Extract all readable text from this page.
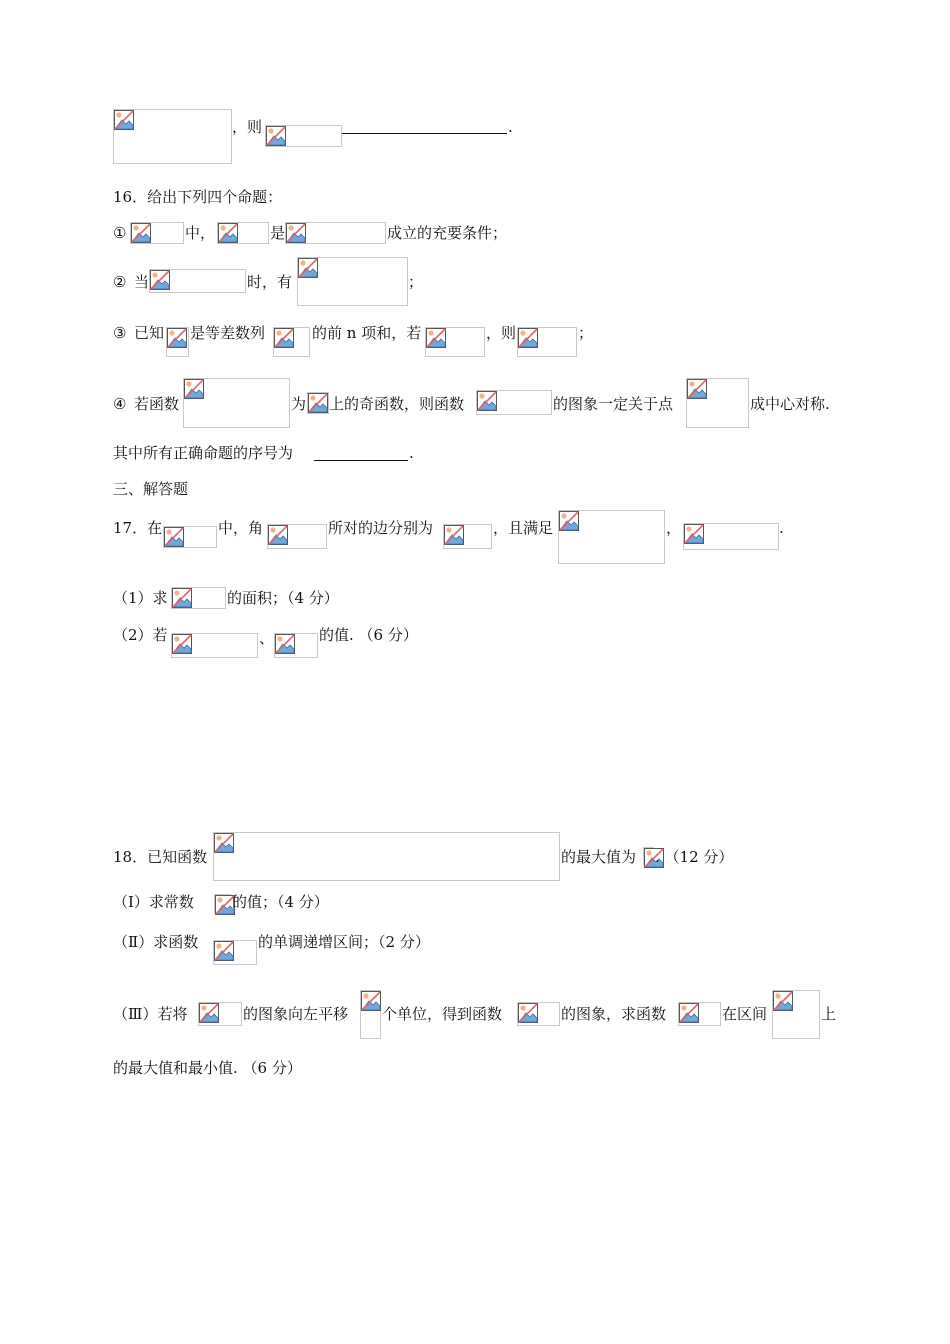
，则	.
16．给出下列四个命题：
①	中，	是	成立的充要条件；
② 当	时，有	；
③ 已知 是等差数列	的前 n 项和，若	，则	；
④ 若函数	为 上的奇函数，则函数	的图象一定关于点	成中心对称.
其中所有正确命题的序号为	.
三、解答题
17．在	中，角	所对的边分别为	，且满足	，	.
（1）求	的面积；（4 分）
（2）若	、	的值. （6 分）
18．已知函数	的最大值为 . （12 分）
（Ⅰ）求常数	的值；（4 分）
（Ⅱ）求函数	的单调递增区间；（2 分）
（Ⅲ）若将	的图象向左平移 个单位，得到函数	的图象，求函数	在区间	上
的最大值和最小值. （6 分）
